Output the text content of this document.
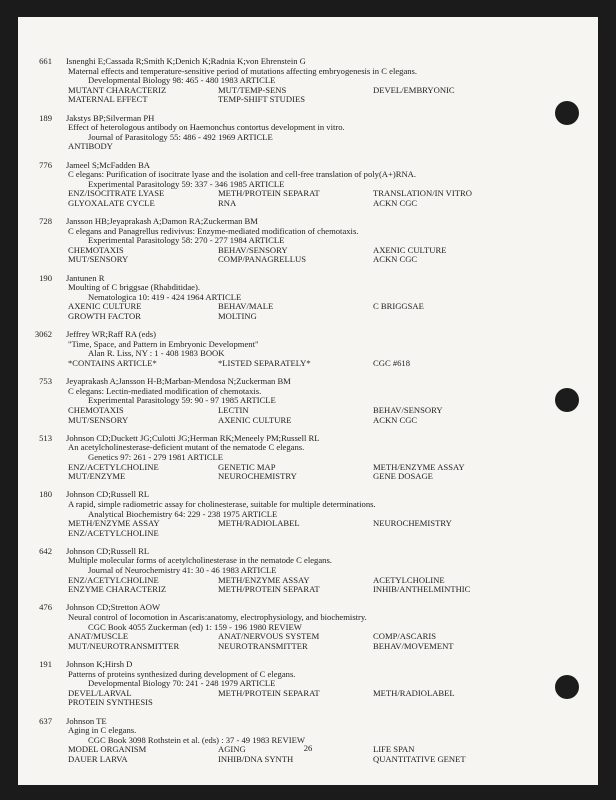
661 Isnenghi E;Cassada R;Smith K;Denich K;Radnia K;von Ehrenstein G
Maternal effects and temperature-sensitive period of mutations affecting embryogenesis in C elegans.
Developmental Biology 98: 465 - 480 1983 ARTICLE
MUTANT CHARACTERIZ	MUT/TEMP-SENS	DEVEL/EMBRYONIC
MATERNAL EFFECT	TEMP-SHIFT STUDIES
189 Jakstys BP;Silverman PH
Effect of heterologous antibody on Haemonchus contortus development in vitro.
Journal of Parasitology 55: 486 - 492 1969 ARTICLE
ANTIBODY
776 Jameel S;McFadden BA
C elegans: Purification of isocitrate lyase and the isolation and cell-free translation of poly(A+)RNA.
Experimental Parasitology 59: 337 - 346 1985 ARTICLE
ENZ/ISOCITRATE LYASE	METH/PROTEIN SEPARAT	TRANSLATION/IN VITRO
GLYOXALATE CYCLE	RNA	ACKN CGC
728 Jansson HB;Jeyaprakash A;Damon RA;Zuckerman BM
C elegans and Panagrellus redivivus: Enzyme-mediated modification of chemotaxis.
Experimental Parasitology 58: 270 - 277 1984 ARTICLE
CHEMOTAXIS	BEHAV/SENSORY	AXENIC CULTURE
MUT/SENSORY	COMP/PANAGRELLUS	ACKN CGC
190 Jantunen R
Moulting of C briggsae (Rhabditidae).
Nematologica 10: 419 - 424 1964 ARTICLE
AXENIC CULTURE	BEHAV/MALE	C BRIGGSAE
GROWTH FACTOR	MOLTING
3062 Jeffrey WR;Raff RA (eds)
"Time, Space, and Pattern in Embryonic Development"
Alan R. Liss, NY : 1 - 408 1983 BOOK
*CONTAINS ARTICLE*	*LISTED SEPARATELY*	CGC #618
753 Jeyaprakash A;Jansson H-B;Marban-Mendosa N;Zuckerman BM
C elegans: Lectin-mediated modification of chemotaxis.
Experimental Parasitology 59: 90 - 97 1985 ARTICLE
CHEMOTAXIS	LECTIN	BEHAV/SENSORY
MUT/SENSORY	AXENIC CULTURE	ACKN CGC
513 Johnson CD;Duckett JG;Culotti JG;Herman RK;Meneely PM;Russell RL
An acetylcholinesterase-deficient mutant of the nematode C elegans.
Genetics 97: 261 - 279 1981 ARTICLE
ENZ/ACETYLCHOLINE	GENETIC MAP	METH/ENZYME ASSAY
MUT/ENZYME	NEUROCHEMISTRY	GENE DOSAGE
180 Johnson CD;Russell RL
A rapid, simple radiometric assay for cholinesterase, suitable for multiple determinations.
Analytical Biochemistry 64: 229 - 238 1975 ARTICLE
METH/ENZYME ASSAY	METH/RADIOLABEL	NEUROCHEMISTRY
ENZ/ACETYLCHOLINE
642 Johnson CD;Russell RL
Multiple molecular forms of acetylcholinesterase in the nematode C elegans.
Journal of Neurochemistry 41: 30 - 46 1983 ARTICLE
ENZ/ACETYLCHOLINE	METH/ENZYME ASSAY	ACETYLCHOLINE
ENZYME CHARACTERIZ	METH/PROTEIN SEPARAT	INHIB/ANTHELMINTHIC
476 Johnson CD;Stretton AOW
Neural control of locomotion in Ascaris:anatomy, electrophysiology, and biochemistry.
CGC Book 4055 Zuckerman (ed) 1: 159 - 196 1980 REVIEW
ANAT/MUSCLE	ANAT/NERVOUS SYSTEM	COMP/ASCARIS
MUT/NEUROTRANSMITTER	NEUROTRANSMITTER	BEHAV/MOVEMENT
191 Johnson K;Hirsh D
Patterns of proteins synthesized during development of C elegans.
Developmental Biology 70: 241 - 248 1979 ARTICLE
DEVEL/LARVAL	METH/PROTEIN SEPARAT	METH/RADIOLABEL
PROTEIN SYNTHESIS
637 Johnson TE
Aging in C elegans.
CGC Book 3098 Rothstein et al. (eds) : 37 - 49 1983 REVIEW
MODEL ORGANISM	AGING	LIFE SPAN
DAUER LARVA	INHIB/DNA SYNTH	QUANTITATIVE GENET
26
